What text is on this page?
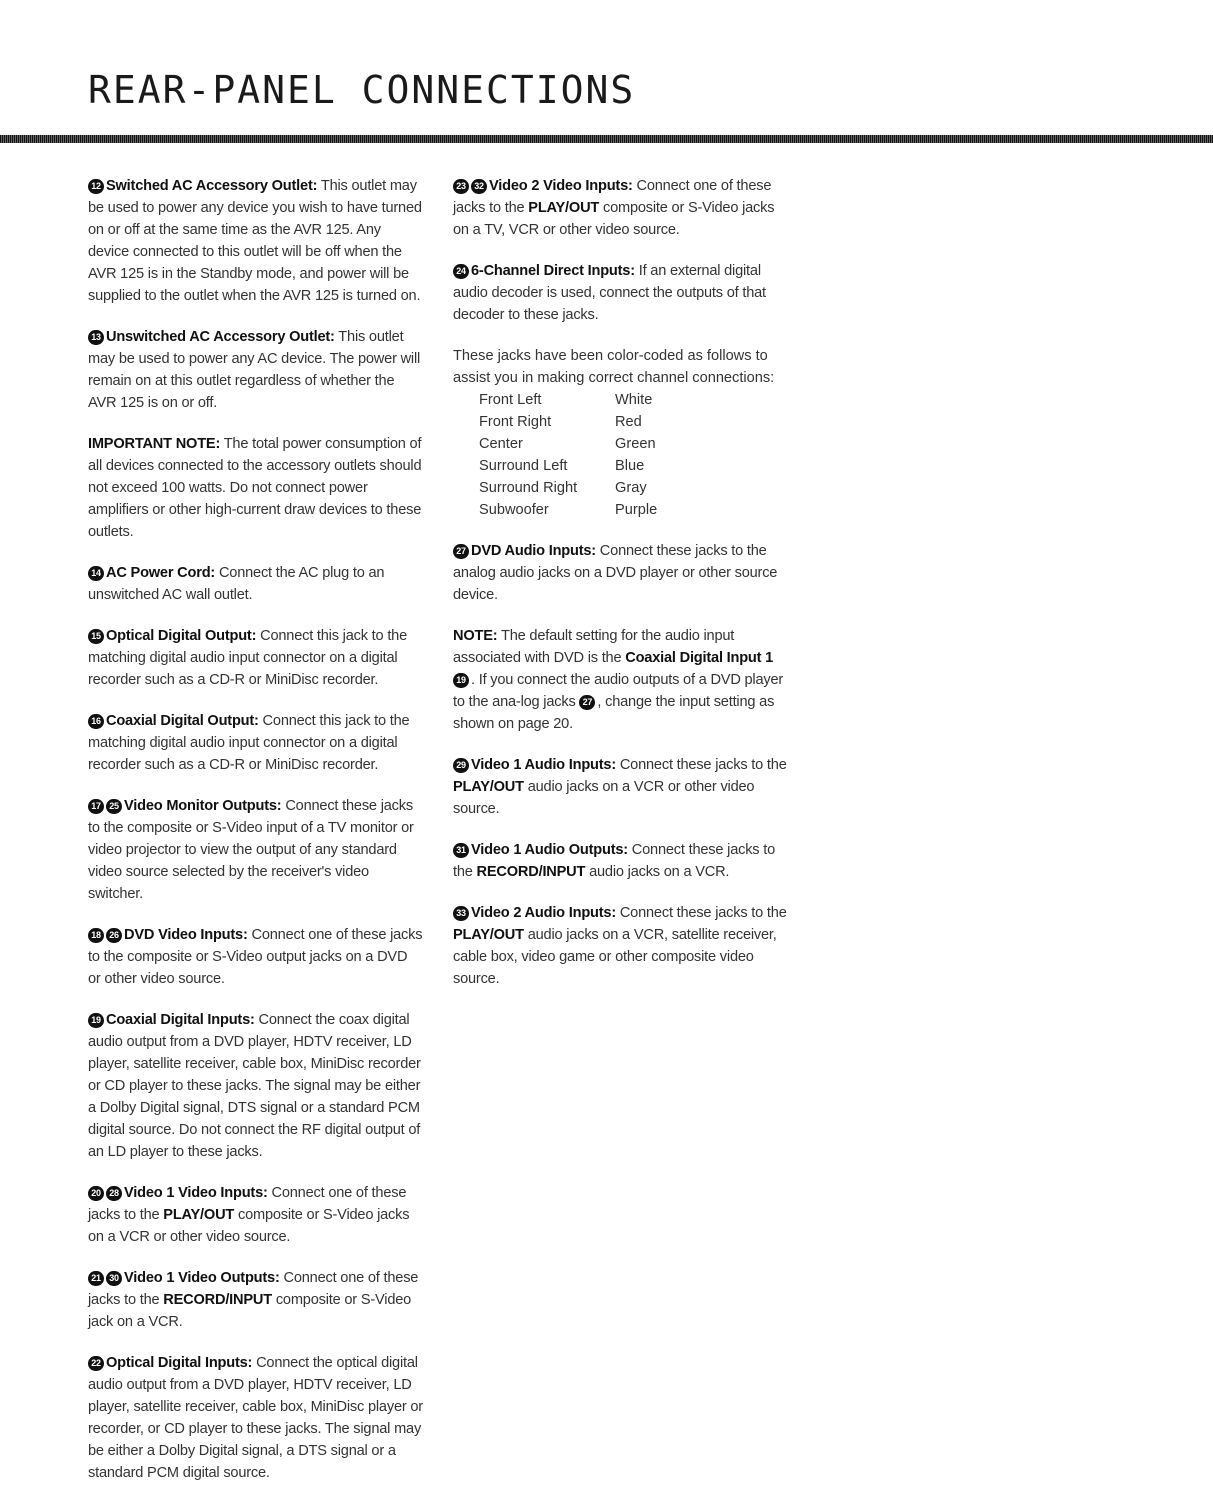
REAR-PANEL CONNECTIONS

12 Switched AC Accessory Outlet: This outlet may be used to power any device you wish to have turned on or off at the same time as the AVR 125. Any device connected to this outlet will be off when the AVR 125 is in the Standby mode, and power will be supplied to the outlet when the AVR 125 is turned on.

13 Unswitched AC Accessory Outlet: This outlet may be used to power any AC device. The power will remain on at this outlet regardless of whether the AVR 125 is on or off.

IMPORTANT NOTE: The total power consumption of all devices connected to the accessory outlets should not exceed 100 watts. Do not connect power amplifiers or other high-current draw devices to these outlets.

14 AC Power Cord: Connect the AC plug to an unswitched AC wall outlet.

15 Optical Digital Output: Connect this jack to the matching digital audio input connector on a digital recorder such as a CD-R or MiniDisc recorder.

16 Coaxial Digital Output: Connect this jack to the matching digital audio input connector on a digital recorder such as a CD-R or MiniDisc recorder.

17 25 Video Monitor Outputs: Connect these jacks to the composite or S-Video input of a TV monitor or video projector to view the output of any standard video source selected by the receiver's video switcher.

18 26 DVD Video Inputs: Connect one of these jacks to the composite or S-Video output jacks on a DVD or other video source.

19 Coaxial Digital Inputs: Connect the coax digital audio output from a DVD player, HDTV receiver, LD player, satellite receiver, cable box, MiniDisc recorder or CD player to these jacks. The signal may be either a Dolby Digital signal, DTS signal or a standard PCM digital source. Do not connect the RF digital output of an LD player to these jacks.

20 28 Video 1 Video Inputs: Connect one of these jacks to the PLAY/OUT composite or S-Video jacks on a VCR or other video source.

21 30 Video 1 Video Outputs: Connect one of these jacks to the RECORD/INPUT composite or S-Video jack on a VCR.

22 Optical Digital Inputs: Connect the optical digital audio output from a DVD player, HDTV receiver, LD player, satellite receiver, cable box, MiniDisc player or recorder, or CD player to these jacks. The signal may be either a Dolby Digital signal, a DTS signal or a standard PCM digital source.

23 32 Video 2 Video Inputs: Connect one of these jacks to the PLAY/OUT composite or S-Video jacks on a TV, VCR or other video source.

24 6-Channel Direct Inputs: If an external digital audio decoder is used, connect the outputs of that decoder to these jacks.

These jacks have been color-coded as follows to assist you in making correct channel connections:

Front Left	White
Front Right	Red
Center	Green
Surround Left	Blue
Surround Right	Gray
Subwoofer	Purple

27 DVD Audio Inputs: Connect these jacks to the analog audio jacks on a DVD player or other source device.

NOTE: The default setting for the audio input associated with DVD is the Coaxial Digital Input 1 19 . If you connect the audio outputs of a DVD player to the ana-log jacks 27 , change the input setting as shown on page 20.

29 Video 1 Audio Inputs: Connect these jacks to the PLAY/OUT audio jacks on a VCR or other video source.

31 Video 1 Audio Outputs: Connect these jacks to the RECORD/INPUT audio jacks on a VCR.

33 Video 2 Audio Inputs: Connect these jacks to the PLAY/OUT audio jacks on a VCR, satellite receiver, cable box, video game or other composite video source.
